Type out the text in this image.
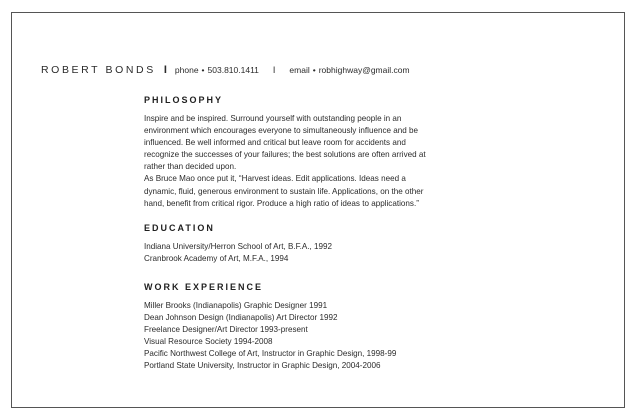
ROBERT BONDS I phone • 503.810.1411 I email • robhighway@gmail.com
PHILOSOPHY
Inspire and be inspired. Surround yourself with outstanding people in an
environment which encourages everyone to simultaneously influence and be
influenced. Be well informed and critical but leave room for accidents and
recognize the successes of your failures; the best solutions are often arrived at
rather than decided upon.
As Bruce Mao once put it, “Harvest ideas. Edit applications. Ideas need a
dynamic, fluid, generous environment to sustain life. Applications, on the other
hand, benefit from critical rigor. Produce a high ratio of ideas to applications.”
EDUCATION
Indiana University/Herron School of Art, B.F.A., 1992
Cranbrook Academy of Art, M.F.A., 1994
WORK EXPERIENCE
Miller Brooks (Indianapolis) Graphic Designer 1991
Dean Johnson Design (Indianapolis) Art Director 1992
Freelance Designer/Art Director 1993-present
Visual Resource Society 1994-2008
Pacific Northwest College of Art, Instructor in Graphic Design, 1998-99
Portland State University, Instructor in Graphic Design, 2004-2006
